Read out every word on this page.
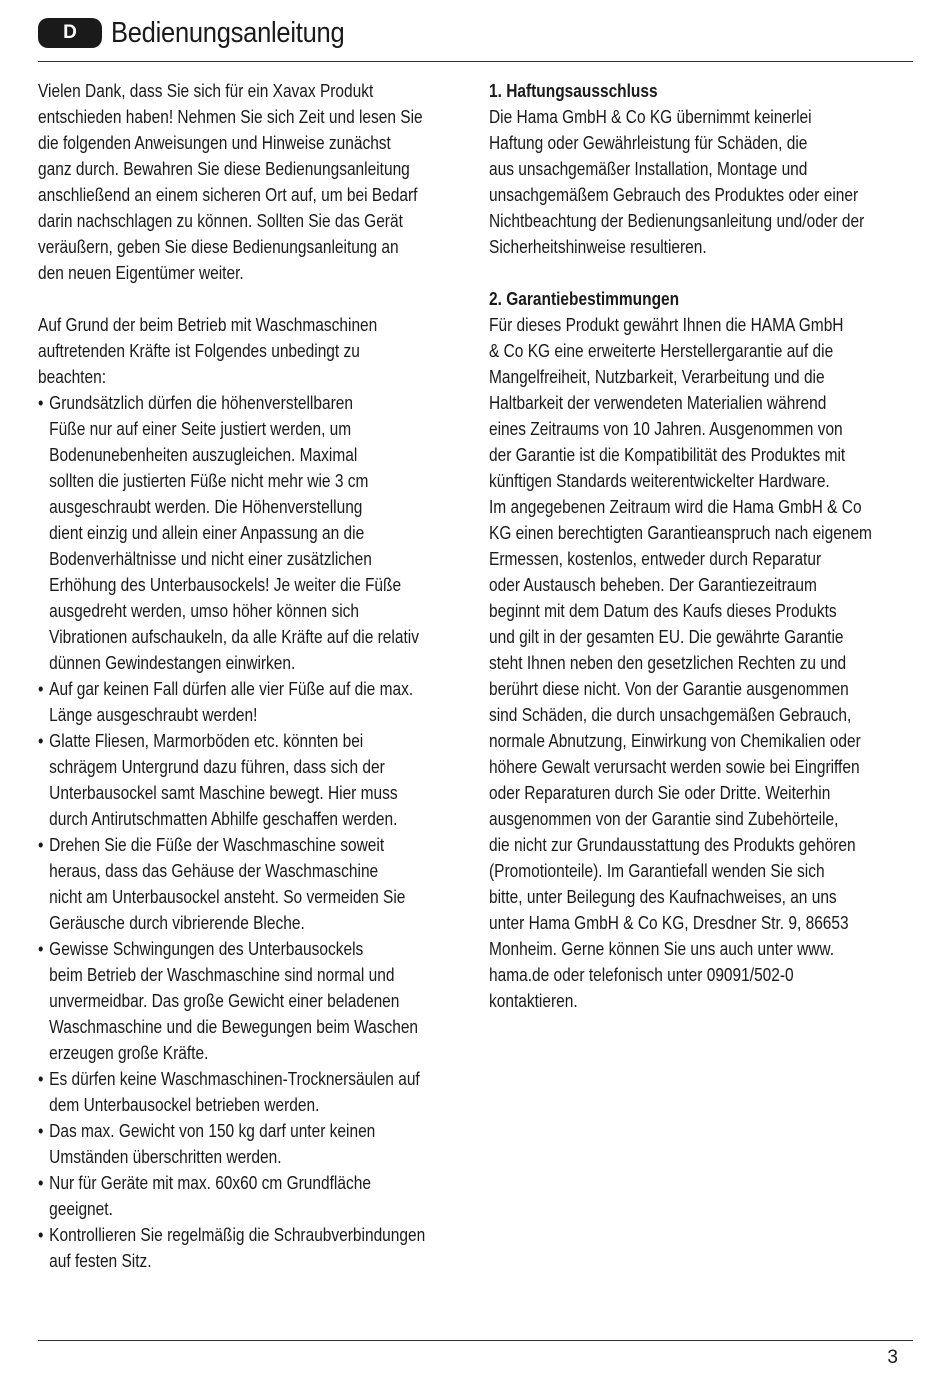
D	Bedienungsanleitung

Vielen Dank, dass Sie sich für ein Xavax Produkt
entschieden haben! Nehmen Sie sich Zeit und lesen Sie
die folgenden Anweisungen und Hinweise zunächst
ganz durch. Bewahren Sie diese Bedienungsanleitung
anschließend an einem sicheren Ort auf, um bei Bedarf
darin nachschlagen zu können. Sollten Sie das Gerät
veräußern, geben Sie diese Bedienungsanleitung an
den neuen Eigentümer weiter.

Auf Grund der beim Betrieb mit Waschmaschinen
auftretenden Kräfte ist Folgendes unbedingt zu
beachten:

• Grundsätzlich dürfen die höhenverstellbaren
Füße nur auf einer Seite justiert werden, um
Bodenunebenheiten auszugleichen. Maximal
sollten die justierten Füße nicht mehr wie 3 cm
ausgeschraubt werden. Die Höhenverstellung
dient einzig und allein einer Anpassung an die
Bodenverhältnisse und nicht einer zusätzlichen
Erhöhung des Unterbausockels! Je weiter die Füße
ausgedreht werden, umso höher können sich
Vibrationen aufschaukeln, da alle Kräfte auf die relativ
dünnen Gewindestangen einwirken.
• Auf gar keinen Fall dürfen alle vier Füße auf die max.
Länge ausgeschraubt werden!
• Glatte Fliesen, Marmorböden etc. könnten bei
schrägem Untergrund dazu führen, dass sich der
Unterbausockel samt Maschine bewegt. Hier muss
durch Antirutschmatten Abhilfe geschaffen werden.
• Drehen Sie die Füße der Waschmaschine soweit
heraus, dass das Gehäuse der Waschmaschine
nicht am Unterbausockel ansteht. So vermeiden Sie
Geräusche durch vibrierende Bleche.
• Gewisse Schwingungen des Unterbausockels
beim Betrieb der Waschmaschine sind normal und
unvermeidbar. Das große Gewicht einer beladenen
Waschmaschine und die Bewegungen beim Waschen
erzeugen große Kräfte.
• Es dürfen keine Waschmaschinen-Trocknersäulen auf
dem Unterbausockel betrieben werden.
• Das max. Gewicht von 150 kg darf unter keinen
Umständen überschritten werden.
• Nur für Geräte mit max. 60x60 cm Grundfläche
geeignet.
• Kontrollieren Sie regelmäßig die Schraubverbindungen
auf festen Sitz.

1. Haftungsausschluss
Die Hama GmbH & Co KG übernimmt keinerlei
Haftung oder Gewährleistung für Schäden, die
aus unsachgemäßer Installation, Montage und
unsachgemäßem Gebrauch des Produktes oder einer
Nichtbeachtung der Bedienungsanleitung und/oder der
Sicherheitshinweise resultieren.

2. Garantiebestimmungen
Für dieses Produkt gewährt Ihnen die HAMA GmbH
& Co KG eine erweiterte Herstellergarantie auf die
Mangelfreiheit, Nutzbarkeit, Verarbeitung und die
Haltbarkeit der verwendeten Materialien während
eines Zeitraums von 10 Jahren. Ausgenommen von
der Garantie ist die Kompatibilität des Produktes mit
künftigen Standards weiterentwickelter Hardware.
Im angegebenen Zeitraum wird die Hama GmbH & Co
KG einen berechtigten Garantieanspruch nach eigenem
Ermessen, kostenlos, entweder durch Reparatur
oder Austausch beheben. Der Garantiezeitraum
beginnt mit dem Datum des Kaufs dieses Produkts
und gilt in der gesamten EU. Die gewährte Garantie
steht Ihnen neben den gesetzlichen Rechten zu und
berührt diese nicht. Von der Garantie ausgenommen
sind Schäden, die durch unsachgemäßen Gebrauch,
normale Abnutzung, Einwirkung von Chemikalien oder
höhere Gewalt verursacht werden sowie bei Eingriffen
oder Reparaturen durch Sie oder Dritte. Weiterhin
ausgenommen von der Garantie sind Zubehörteile,
die nicht zur Grundausstattung des Produkts gehören
(Promotionteile). Im Garantiefall wenden Sie sich
bitte, unter Beilegung des Kaufnachweises, an uns
unter Hama GmbH & Co KG, Dresdner Str. 9, 86653
Monheim. Gerne können Sie uns auch unter www.
hama.de oder telefonisch unter 09091/502-0
kontaktieren.

3
